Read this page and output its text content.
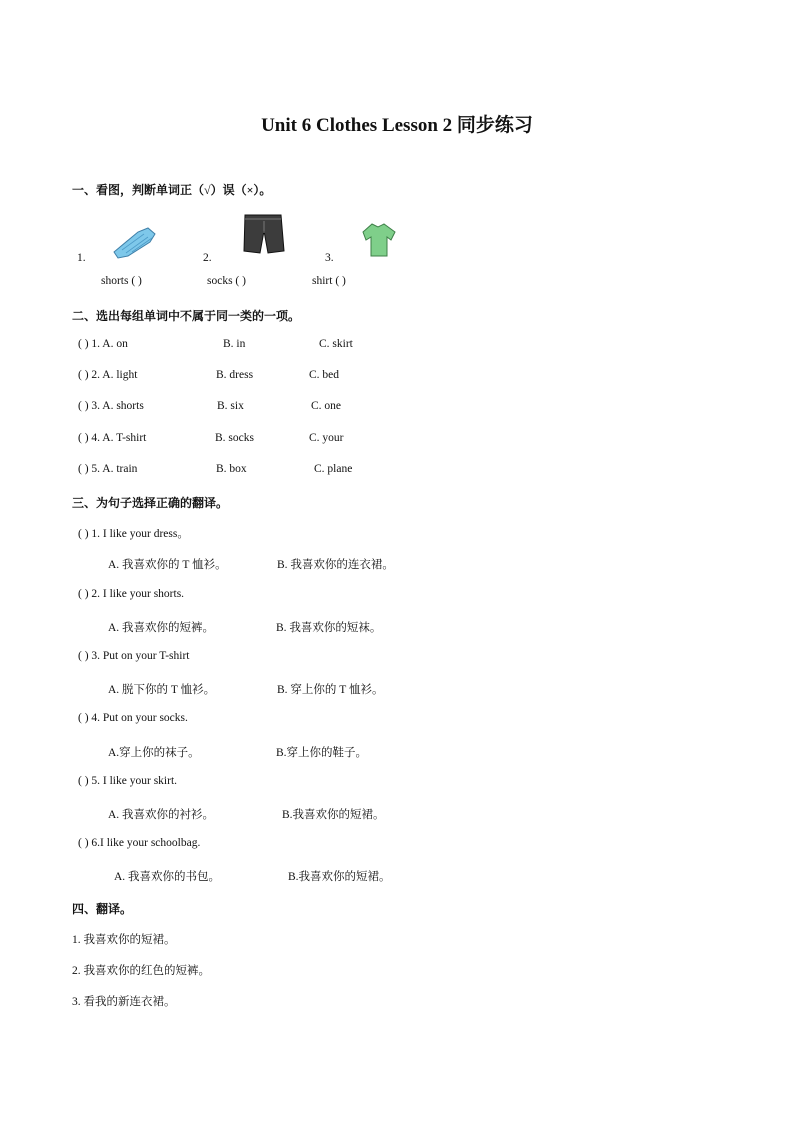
Unit 6 Clothes Lesson 2 同步练习
一、看图，判断单词正（√）误（×）。
1.
shorts ( )
2.
socks ( )
3.
shirt ( )
二、选出每组单词中不属于同一类的一项。
( ) 1. A. on	B. in	C. skirt
( ) 2. A. light	B. dress	C. bed
( ) 3. A. shorts	B. six	C. one
( ) 4. A. T-shirt	B. socks	C. your
( ) 5. A. train	B. box	C. plane
三、为句子选择正确的翻译。
( ) 1. I like your dress。
A. 我喜欢你的 T 恤衫。	B. 我喜欢你的连衣裙。
( ) 2. I like your shorts.
A. 我喜欢你的短裤。	B. 我喜欢你的短袜。
( ) 3. Put on your T-shirt
A. 脱下你的 T 恤衫。	B. 穿上你的 T 恤衫。
( ) 4. Put on your socks.
A.穿上你的袜子。	B.穿上你的鞋子。
( ) 5. I like your skirt.
A. 我喜欢你的衬衫。	B.我喜欢你的短裙。
( ) 6.I like your schoolbag.
A. 我喜欢你的书包。	B.我喜欢你的短裙。
四、翻译。
1. 我喜欢你的短裙。
2. 我喜欢你的红色的短裤。
3. 看我的新连衣裙。
